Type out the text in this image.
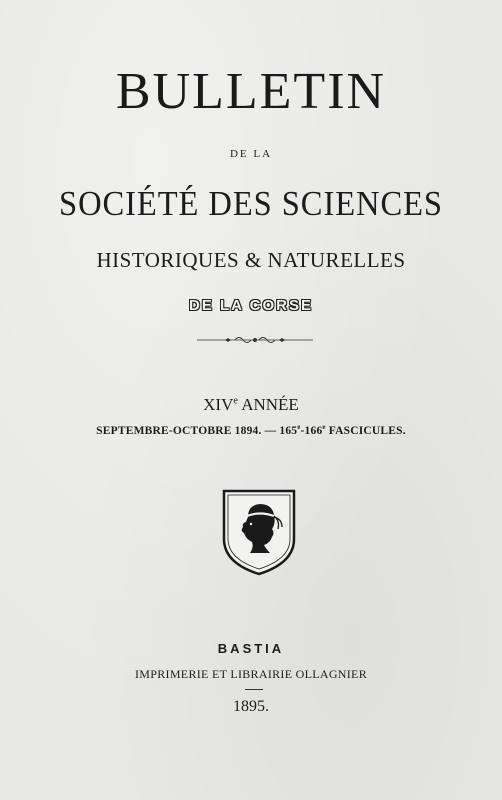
BULLETIN
DE LA
SOCIÉTÉ DES SCIENCES
HISTORIQUES & NATURELLES
DE LA CORSE
XIVe ANNÉE
SEPTEMBRE-OCTOBRE 1894. — 165e-166e FASCICULES.
BASTIA
IMPRIMERIE ET LIBRAIRIE OLLAGNIER
1895.
